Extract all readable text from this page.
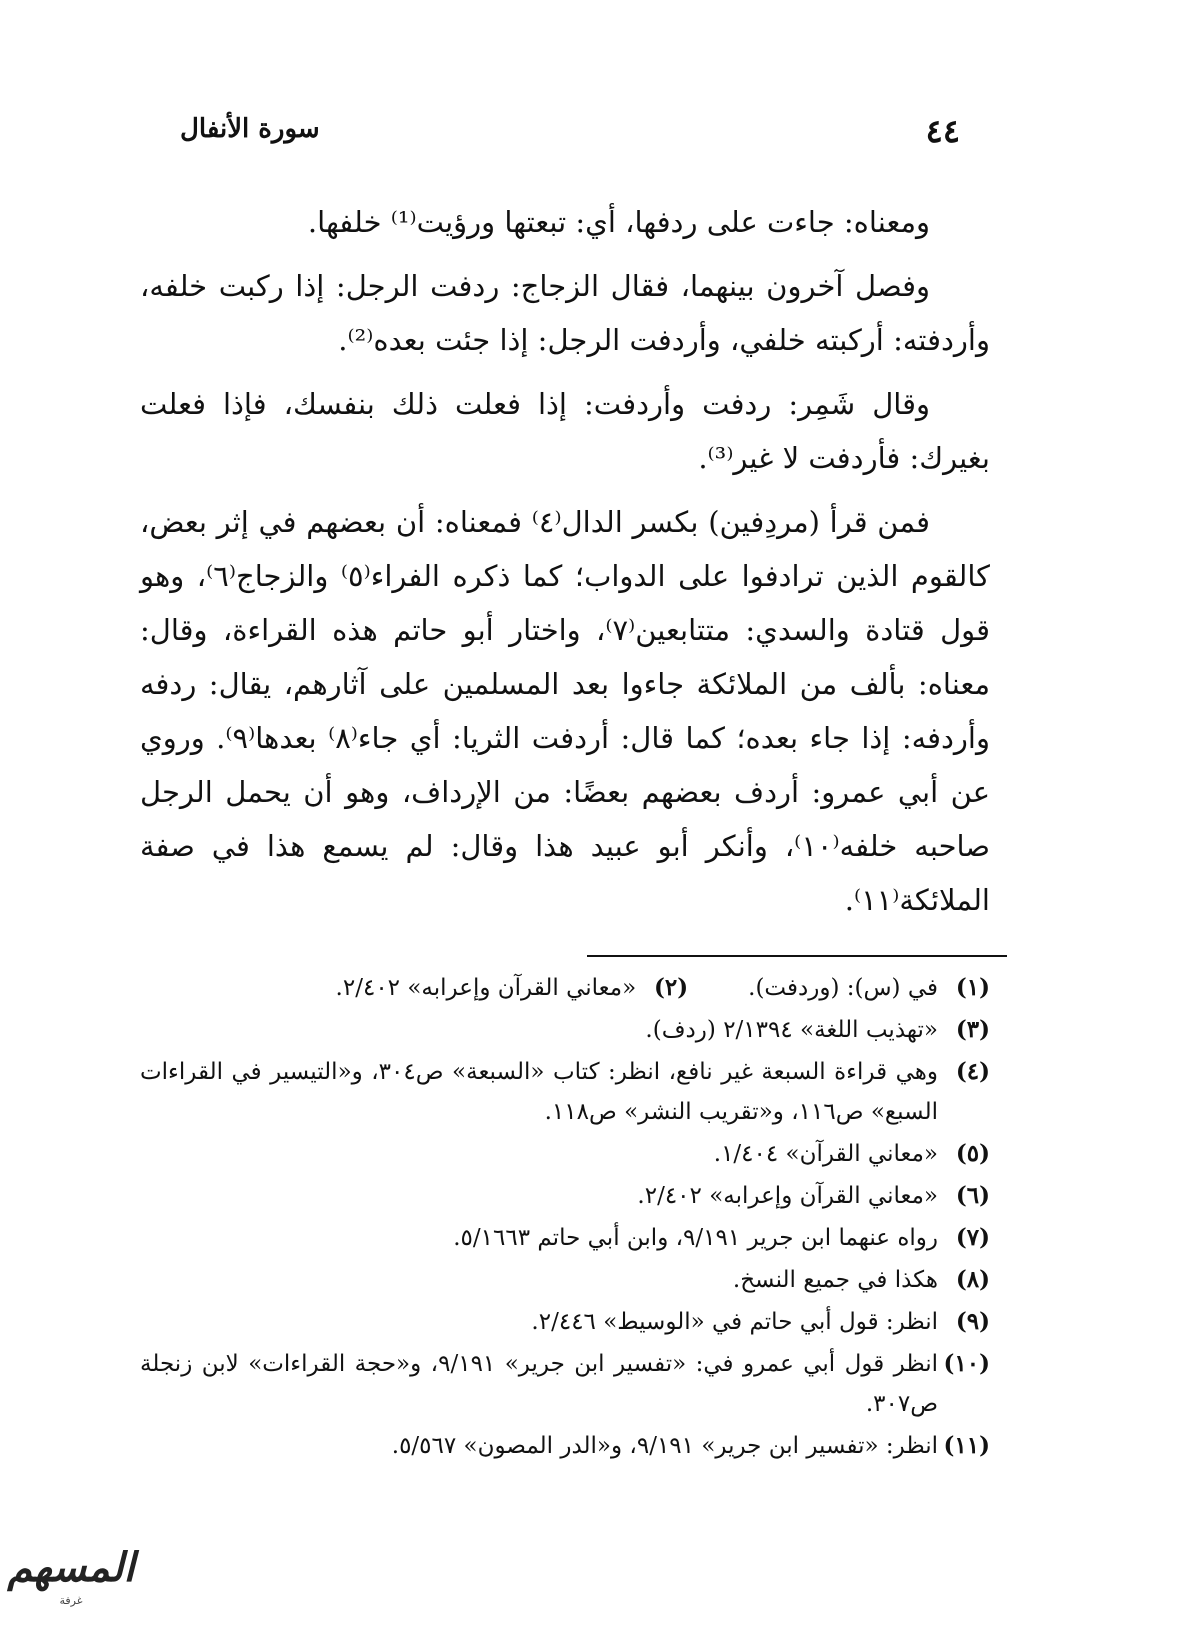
٤٤
سورة الأنفال

ومعناه: جاءت على ردفها، أي: تبعتها ورؤيت⁽¹⁾ خلفها.

وفصل آخرون بينهما، فقال الزجاج: ردفت الرجل: إذا ركبت خلفه، وأردفته: أركبته خلفي، وأردفت الرجل: إذا جئت بعده⁽²⁾.

وقال شَمِر: ردفت وأردفت: إذا فعلت ذلك بنفسك، فإذا فعلت بغيرك: فأردفت لا غير⁽³⁾.

فمن قرأ (مردِفين) بكسر الدال⁽٤⁾ فمعناه: أن بعضهم في إثر بعض، كالقوم الذين ترادفوا على الدواب؛ كما ذكره الفراء⁽٥⁾ والزجاج⁽٦⁾، وهو قول قتادة والسدي: متتابعين⁽٧⁾، واختار أبو حاتم هذه القراءة، وقال: معناه: بألف من الملائكة جاءوا بعد المسلمين على آثارهم، يقال: ردفه وأردفه: إذا جاء بعده؛ كما قال: أردفت الثريا: أي جاء⁽٨⁾ بعدها⁽٩⁾. وروي عن أبي عمرو: أردف بعضهم بعضًا: من الإرداف، وهو أن يحمل الرجل صاحبه خلفه⁽١٠⁾، وأنكر أبو عبيد هذا وقال: لم يسمع هذا في صفة الملائكة⁽١١⁾.

(١)في (س): (وردفت).
(٢)«معاني القرآن وإعرابه» ٢/٤٠٢.
(٣)«تهذيب اللغة» ٢/١٣٩٤ (ردف).
(٤)وهي قراءة السبعة غير نافع، انظر: كتاب «السبعة» ص٣٠٤، و«التيسير في القراءات السبع» ص١١٦، و«تقريب النشر» ص١١٨.
(٥)«معاني القرآن» ١/٤٠٤.
(٦)«معاني القرآن وإعرابه» ٢/٤٠٢.
(٧)رواه عنهما ابن جرير ٩/١٩١، وابن أبي حاتم ٥/١٦٦٣.
(٨)هكذا في جميع النسخ.
(٩)انظر: قول أبي حاتم في «الوسيط» ٢/٤٤٦.
(١٠)انظر قول أبي عمرو في: «تفسير ابن جرير» ٩/١٩١، و«حجة القراءات» لابن زنجلة ص٣٠٧.
(١١)انظر: «تفسير ابن جرير» ٩/١٩١، و«الدر المصون» ٥/٥٦٧.
المسهم
غرفة
